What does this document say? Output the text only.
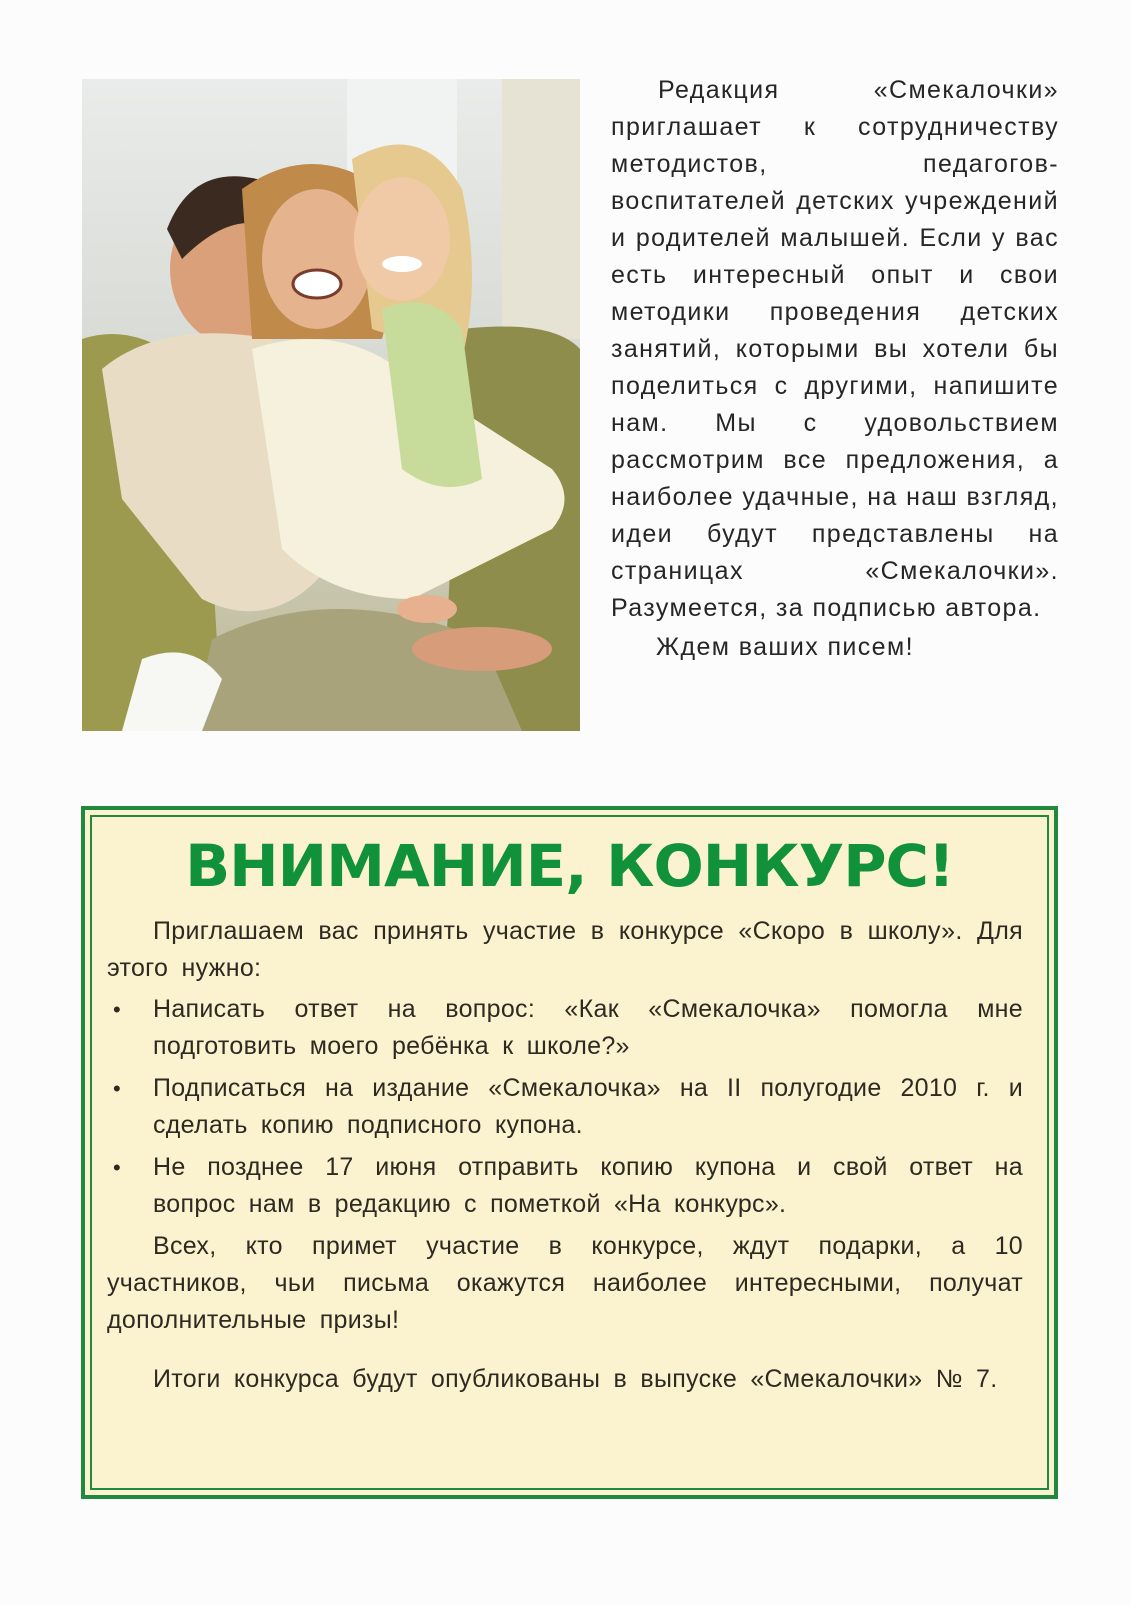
Редакция «Смекалочки» приглашает к сотрудничеству методистов, педагогов-воспитателей детских учреждений и родителей малышей. Если у вас есть интересный опыт и свои методики проведения детских занятий, которыми вы хотели бы поделиться с другими, напишите нам. Мы с удовольствием рассмотрим все предложения, а наиболее удачные, на наш взгляд, идеи будут представлены на страницах «Смекалочки». Разумеется, за подписью автора.

Ждем ваших писем!

ВНИМАНИЕ, КОНКУРС!

Приглашаем вас принять участие в конкурсе «Скоро в школу». Для этого нужно:

• Написать ответ на вопрос: «Как «Смекалочка» помогла мне подготовить моего ребёнка к школе?»
• Подписаться на издание «Смекалочка» на II полугодие 2010 г. и сделать копию подписного купона.
• Не позднее 17 июня отправить копию купона и свой ответ на вопрос нам в редакцию с пометкой «На конкурс».

Всех, кто примет участие в конкурсе, ждут подарки, а 10 участников, чьи письма окажутся наиболее интересными, получат дополнительные призы!

Итоги конкурса будут опубликованы в выпуске «Смекалочки» № 7.
